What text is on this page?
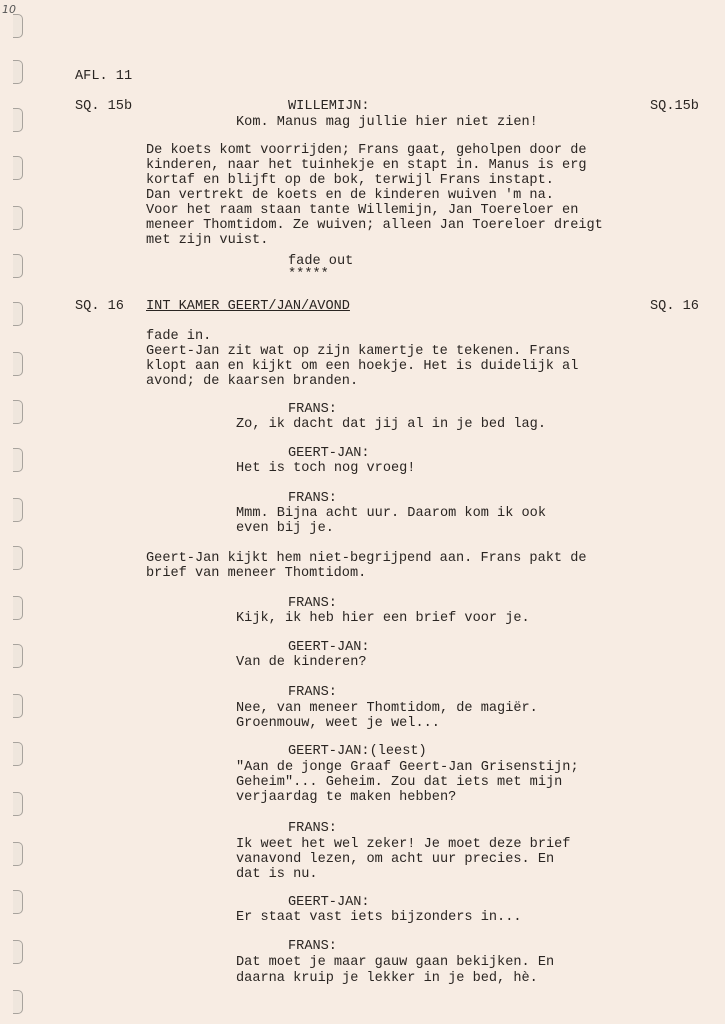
10
AFL. 11
SQ. 15b	SQ.15b
WILLEMIJN:
Kom. Manus mag jullie hier niet zien!
De koets komt voorrijden; Frans gaat, geholpen door de
kinderen, naar het tuinhekje en stapt in. Manus is erg
kortaf en blijft op de bok, terwijl Frans instapt.
Dan vertrekt de koets en de kinderen wuiven 'm na.
Voor het raam staan tante Willemijn, Jan Toereloer en
meneer Thomtidom. Ze wuiven; alleen Jan Toereloer dreigt
met zijn vuist.
fade out
*****
SQ. 16 INT KAMER GEERT/JAN/AVOND	SQ. 16
fade in.
Geert-Jan zit wat op zijn kamertje te tekenen. Frans
klopt aan en kijkt om een hoekje. Het is duidelijk al
avond; de kaarsen branden.
FRANS:
Zo, ik dacht dat jij al in je bed lag.
GEERT-JAN:
Het is toch nog vroeg!
FRANS:
Mmm. Bijna acht uur. Daarom kom ik ook
even bij je.
Geert-Jan kijkt hem niet-begrijpend aan. Frans pakt de
brief van meneer Thomtidom.
FRANS:
Kijk, ik heb hier een brief voor je.
GEERT-JAN:
Van de kinderen?
FRANS:
Nee, van meneer Thomtidom, de magiër.
Groenmouw, weet je wel...
GEERT-JAN:(leest)
"Aan de jonge Graaf Geert-Jan Grisenstijn;
Geheim"... Geheim. Zou dat iets met mijn
verjaardag te maken hebben?
FRANS:
Ik weet het wel zeker! Je moet deze brief
vanavond lezen, om acht uur precies. En
dat is nu.
GEERT-JAN:
Er staat vast iets bijzonders in...
FRANS:
Dat moet je maar gauw gaan bekijken. En
daarna kruip je lekker in je bed, hè.
